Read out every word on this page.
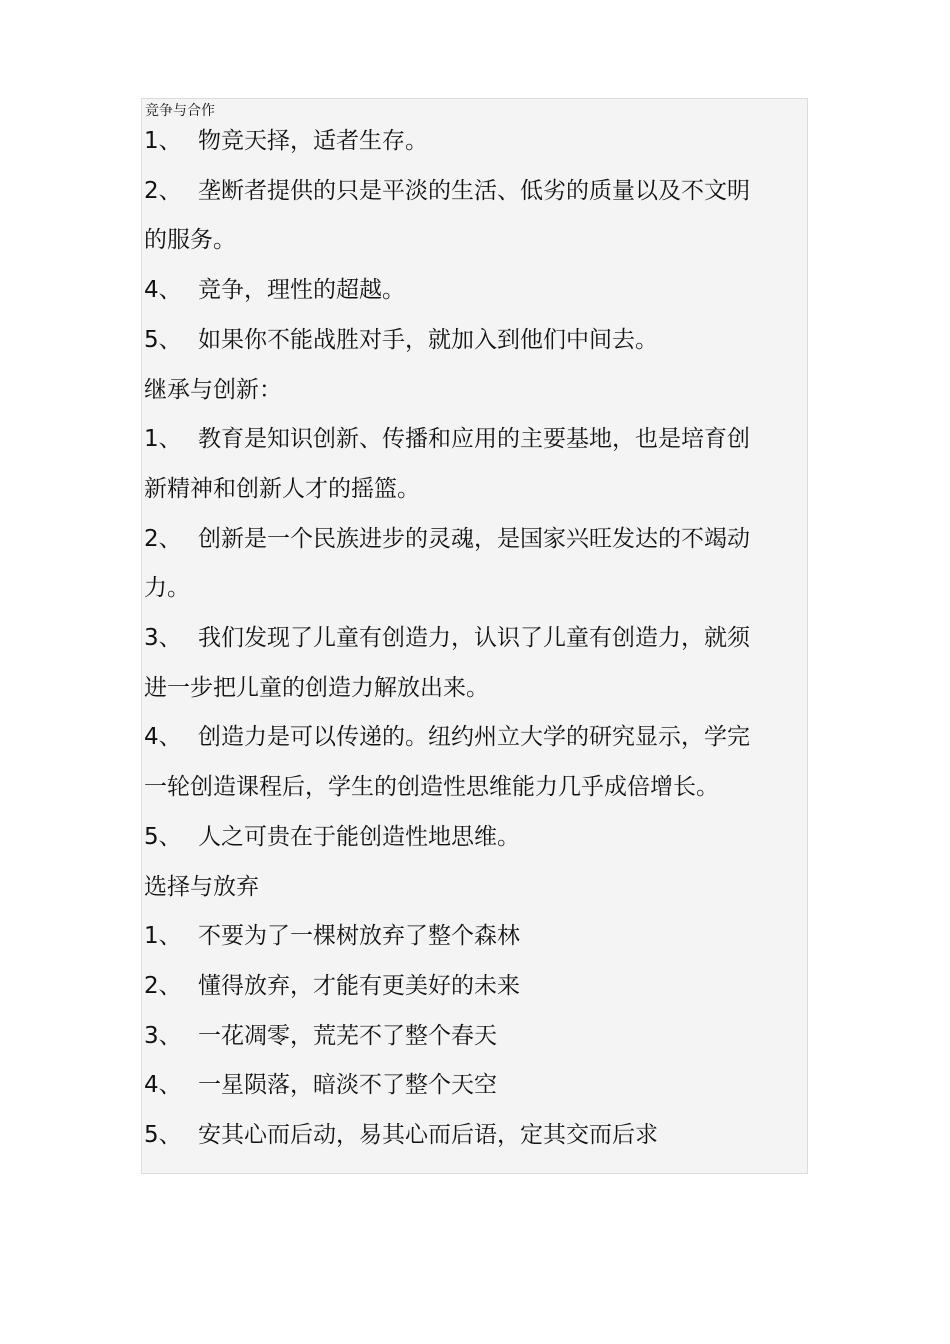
竞争与合作
1、 物竞天择，适者生存。
2、 垄断者提供的只是平淡的生活、低劣的质量以及不文明
的服务。
4、 竞争，理性的超越。
5、 如果你不能战胜对手，就加入到他们中间去。
继承与创新：
1、 教育是知识创新、传播和应用的主要基地，也是培育创
新精神和创新人才的摇篮。
2、 创新是一个民族进步的灵魂，是国家兴旺发达的不竭动
力。
3、 我们发现了儿童有创造力，认识了儿童有创造力，就须
进一步把儿童的创造力解放出来。
4、 创造力是可以传递的。纽约州立大学的研究显示，学完
一轮创造课程后，学生的创造性思维能力几乎成倍增长。
5、 人之可贵在于能创造性地思维。
选择与放弃
1、 不要为了一棵树放弃了整个森林
2、 懂得放弃，才能有更美好的未来
3、 一花凋零，荒芜不了整个春天
4、 一星陨落，暗淡不了整个天空
5、 安其心而后动，易其心而后语，定其交而后求
